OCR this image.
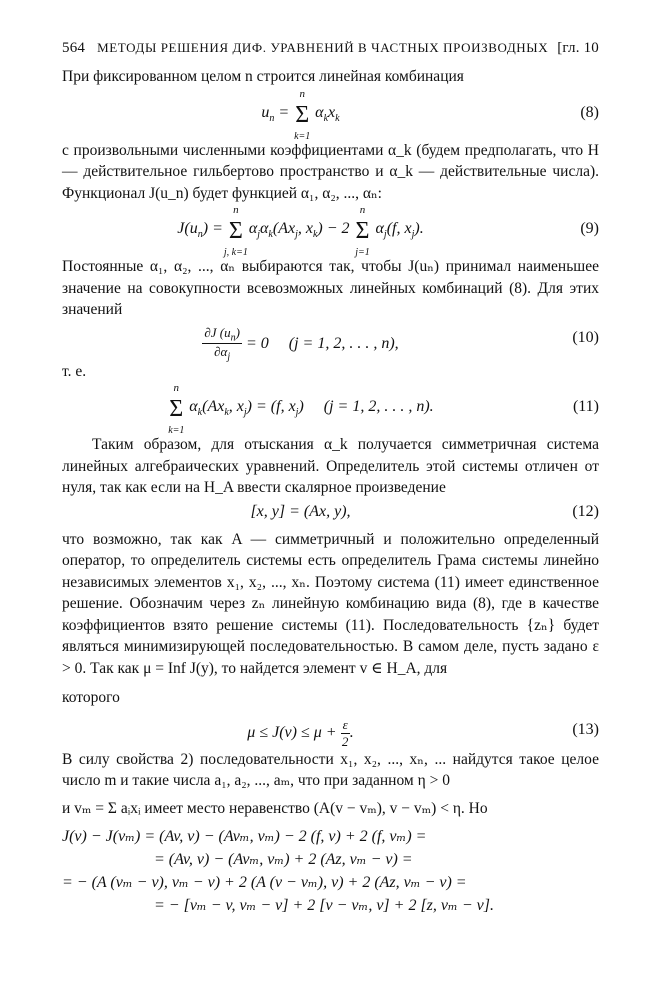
564 МЕТОДЫ РЕШЕНИЯ ДИФ. УРАВНЕНИЙ В ЧАСТНЫХ ПРОИЗВОДНЫХ [гл. 10

При фиксированном целом n строится линейная комбинация

$u_n = \Sigma$
n
k=1
$\alpha_kx_k$	(8)

с произвольными численными коэффициентами α_k (будем предполагать, что H — действительное гильбертово пространство и α_k — действительные числа). Функционал J(u_n) будет функцией α₁, α₂, ..., αₙ:

$J(u_n) = \Sigma$
n
j, k=1
$\alpha_j\alpha_k(Ax_j$, $x_k) - 2$ Σ
n
j=1
$\alpha_j(f$, $x_j$).	(9)

Постоянные α₁, α₂, ..., αₙ выбираются так, чтобы J(uₙ) принимал наименьшее значение на совокупности всевозможных линейных комбинаций (8). Для этих значений

$\frac{\partial J (u_n)}{\partial\alpha_j} = 0$     (j = 1, 2, . . . , n),	(10)

т. е.

Σ
n
k=1
$\alpha_k(Ax_k$, $x_j) = (f$, $x_j$)     (j = 1, 2, . . . , n).	(11)

Таким образом, для отыскания α_k получается симметричная система линейных алгебраических уравнений. Определитель этой системы отличен от нуля, так как если на H_A ввести скалярное произведение

[x, y] = (Ax, y),	(12)

что возможно, так как A — симметричный и положительно определенный оператор, то определитель системы есть определитель Грама системы линейно независимых элементов x₁, x₂, ..., xₙ. Поэтому система (11) имеет единственное решение. Обозначим через zₙ линейную комбинацию вида (8), где в качестве коэффициентов взято решение системы (11). Последовательность {zₙ} будет являться минимизирующей последовательностью. В самом деле, пусть задано ε > 0. Так как μ = Inf J(y), то найдется элемент v ∈ H_A, для

которого

$\mu \le J(v) \le \mu + \frac{\varepsilon}{2}$ .	(13)

В силу свойства 2) последовательности x₁, x₂, ..., xₙ, ... найдутся такое целое число m и такие числа a₁, a₂, ..., aₘ, что при заданном η > 0

и vₘ = Σ aᵢxᵢ имеет место неравенство (A(v − vₘ), v − vₘ) < η. Но

J(v) − J(vₘ) = (Av, v) − (Avₘ, vₘ) − 2 (f, v) + 2 (f, vₘ) =
= (Av, v) − (Avₘ, vₘ) + 2 (Az, vₘ − v) =
= − (A (vₘ − v), vₘ − v) + 2 (A (v − vₘ), v) + 2 (Az, vₘ − v) =
= − [vₘ − v, vₘ − v] + 2 [v − vₘ, v] + 2 [z, vₘ − v].
